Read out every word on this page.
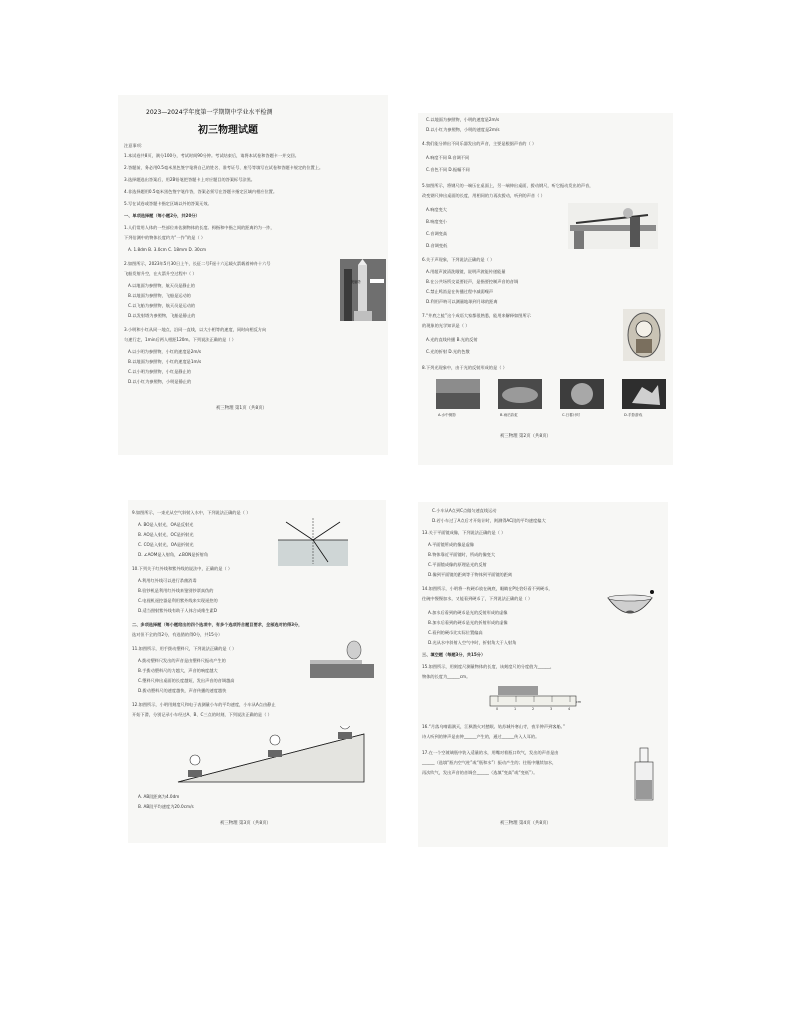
2023—2024学年度第一学期期中学业水平检测
初三物理试题
注意事项：
1.本试卷共8页，满分100分，考试时间90分钟。考试结束后，请将本试卷和答题卡一并交回。
2.答题前，务必用0.5毫米黑色签字笔将自己的姓名、准考证号、座号等填写在试卷和答题卡规定的位置上。
3.选择题选出答案后，用2B铅笔把答题卡上对应题目的答案标号涂黑。
4.非选择题用0.5毫米黑色签字笔作答，答案必须写在答题卡指定区域内相应位置。
5.写在试卷或答题卡指定区域以外的答案无效。
一、单项选择题（每小题2分，共20分）
1.人们常用人体的一些部位来估测物体的长度。拇指和中指之间的距离约为一拃，
下列估测中的物体长度约为“一拃”的是（ ）
A. 1.8dm B. 3.0cm C. 18mm D. 30cm
2.如图所示，2023年5月30日上午，长征二号F遥十六运载火箭载着神舟十六号
飞船发射升空，在火箭升空过程中（ ）
A.以地面为参照物，航天员是静止的
B.以地面为参照物，飞船是运动的
C.以飞船为参照物，航天员是运动的
D.以发射塔为参照物，飞船是静止的
3.小明和小红从同一地点，沿同一直线，以大小相等的速度，同时向相反方向
匀速行走，1min后两人相距120m。下列说法正确的是（ ）
A.以小明为参照物，小红的速度是2m/s
B.以地面为参照物，小红的速度是1m/s
C.以小明为参照物，小红是静止的
D.以小红为参照物，小明是静止的
发射塔
初三物理 第1页（共8页）
C.以地面为参照物，小明的速度是2m/s
D.以小红为参照物，小明的速度是2m/s
4.我们能分辨出不同乐器发出的声音，主要是根据声音的（ ）
A.响度不同 B.音调不同
C.音色不同 D.振幅不同
5.如图所示，将钢尺的一端压在桌面上，另一端伸出桌面，拨动钢尺，听它振动发出的声音，
改变钢尺伸出桌面的长度，用相同的力再次拨动，听到的声音（ ）
A.响度变大
B.响度变小
C.音调变高
D.音调变低
6.关于声现象，下列说法正确的是（ ）
A.用超声波清洗眼镜，说明声波能传递能量
B.在公共场所交谈要轻声，是指要控制声音的音调
C.禁止鸣笛是在传播过程中减弱噪声
D.利用声呐可以测量地球到月球的距离
7.“井底之蛙”这个成语大家都很熟悉，能用来解释如图所示
的现象的光学知识是（ ）
A.光的直线传播 B.光的反射
C.光的折射 D.光的色散
8.下列光现象中，由于光的反射形成的是（ ）
A.水中倒影	B.雨后彩虹	C.日晷计时	D.手影游戏
初三物理 第2页（共8页）
9.如图所示，一束光从空气斜射入水中，下列说法正确的是（ ）
A. BO是入射光，OA是反射光
B. AO是入射光，OC是折射光
C. CO是入射光，OA是折射光
D. ∠AOM是入射角，∠BON是折射角
10.下列关于红外线和紫外线的说法中，正确的是（ ）
A.利用红外线可以进行杀菌消毒
B.验钞机是利用红外线来鉴别钞票真伪的
C.电视机遥控器是利用紫外线来实现遥控的
D.适当照射紫外线有助于人体合成维生素D
二、多项选择题（每小题给出的四个选项中，有多个选项符合题目要求，全部选对的得3分，
选对但不全的得2分，有选错的得0分，共15分）
11.如图所示，用手拨动塑料尺，下列说法正确的是（ ）
A.拨动塑料尺发出的声音是由塑料尺振动产生的
B.手拨动塑料尺的力越大，声音的响度越大
C.塑料尺伸出桌面的长度越短，发出声音的音调越高
D.拨动塑料尺的速度越快，声音传播的速度越快
12.如图所示，小明用刻度尺和电子表测量小车的平均速度，小车从A点由静止
开始下滑，分别记录小车经过A、B、C三点的时刻，下列说法正确的是（ ）
A. AB段距离为4.0dm
B. AB段平均速度为20.0cm/s
初三物理 第3页（共8页）
C.小车从A点到C点做匀速直线运动
D.若小车过了A点后才开始计时，则测得AC段的平均速度偏大
13.关于平面镜成像，下列说法正确的是（ ）
A.平面镜所成的像是虚像
B.物体靠近平面镜时，所成的像变大
C.平面镜成像的原理是光的反射
D.像到平面镜的距离等于物体到平面镜的距离
14.如图所示，小明将一枚硬币放在碗底，眼睛在P处恰好看不到硬币，
往碗中慢慢加水，又能看到硬币了，下列说法正确的是（ ）
A.加水后看到的硬币是光的反射形成的虚像
B.加水后看到的硬币是光的折射形成的虚像
C.看到的硬币比实际位置偏高
D.光从水中斜射入空气中时，折射角大于入射角
三、填空题（每题3分，共15分）
15.如图所示，用刻度尺测量物体的长度，该刻度尺的分度值为______，
物体的长度为______cm。
0	1	2	3	4
cm
16.“月落乌啼霜满天，江枫渔火对愁眠。姑苏城外寒山寺，夜半钟声到客船。”
诗人听到的钟声是由钟______产生的，通过______传入人耳的。
17.在一个空玻璃瓶中装入适量的水，用嘴对着瓶口吹气，发出的声音是由
______（选填“瓶内空气柱”或“瓶和水”）振动产生的；往瓶中继续加水，
再次吹气，发出声音的音调会______（选填“变高”或“变低”）。
初三物理 第4页（共8页）
